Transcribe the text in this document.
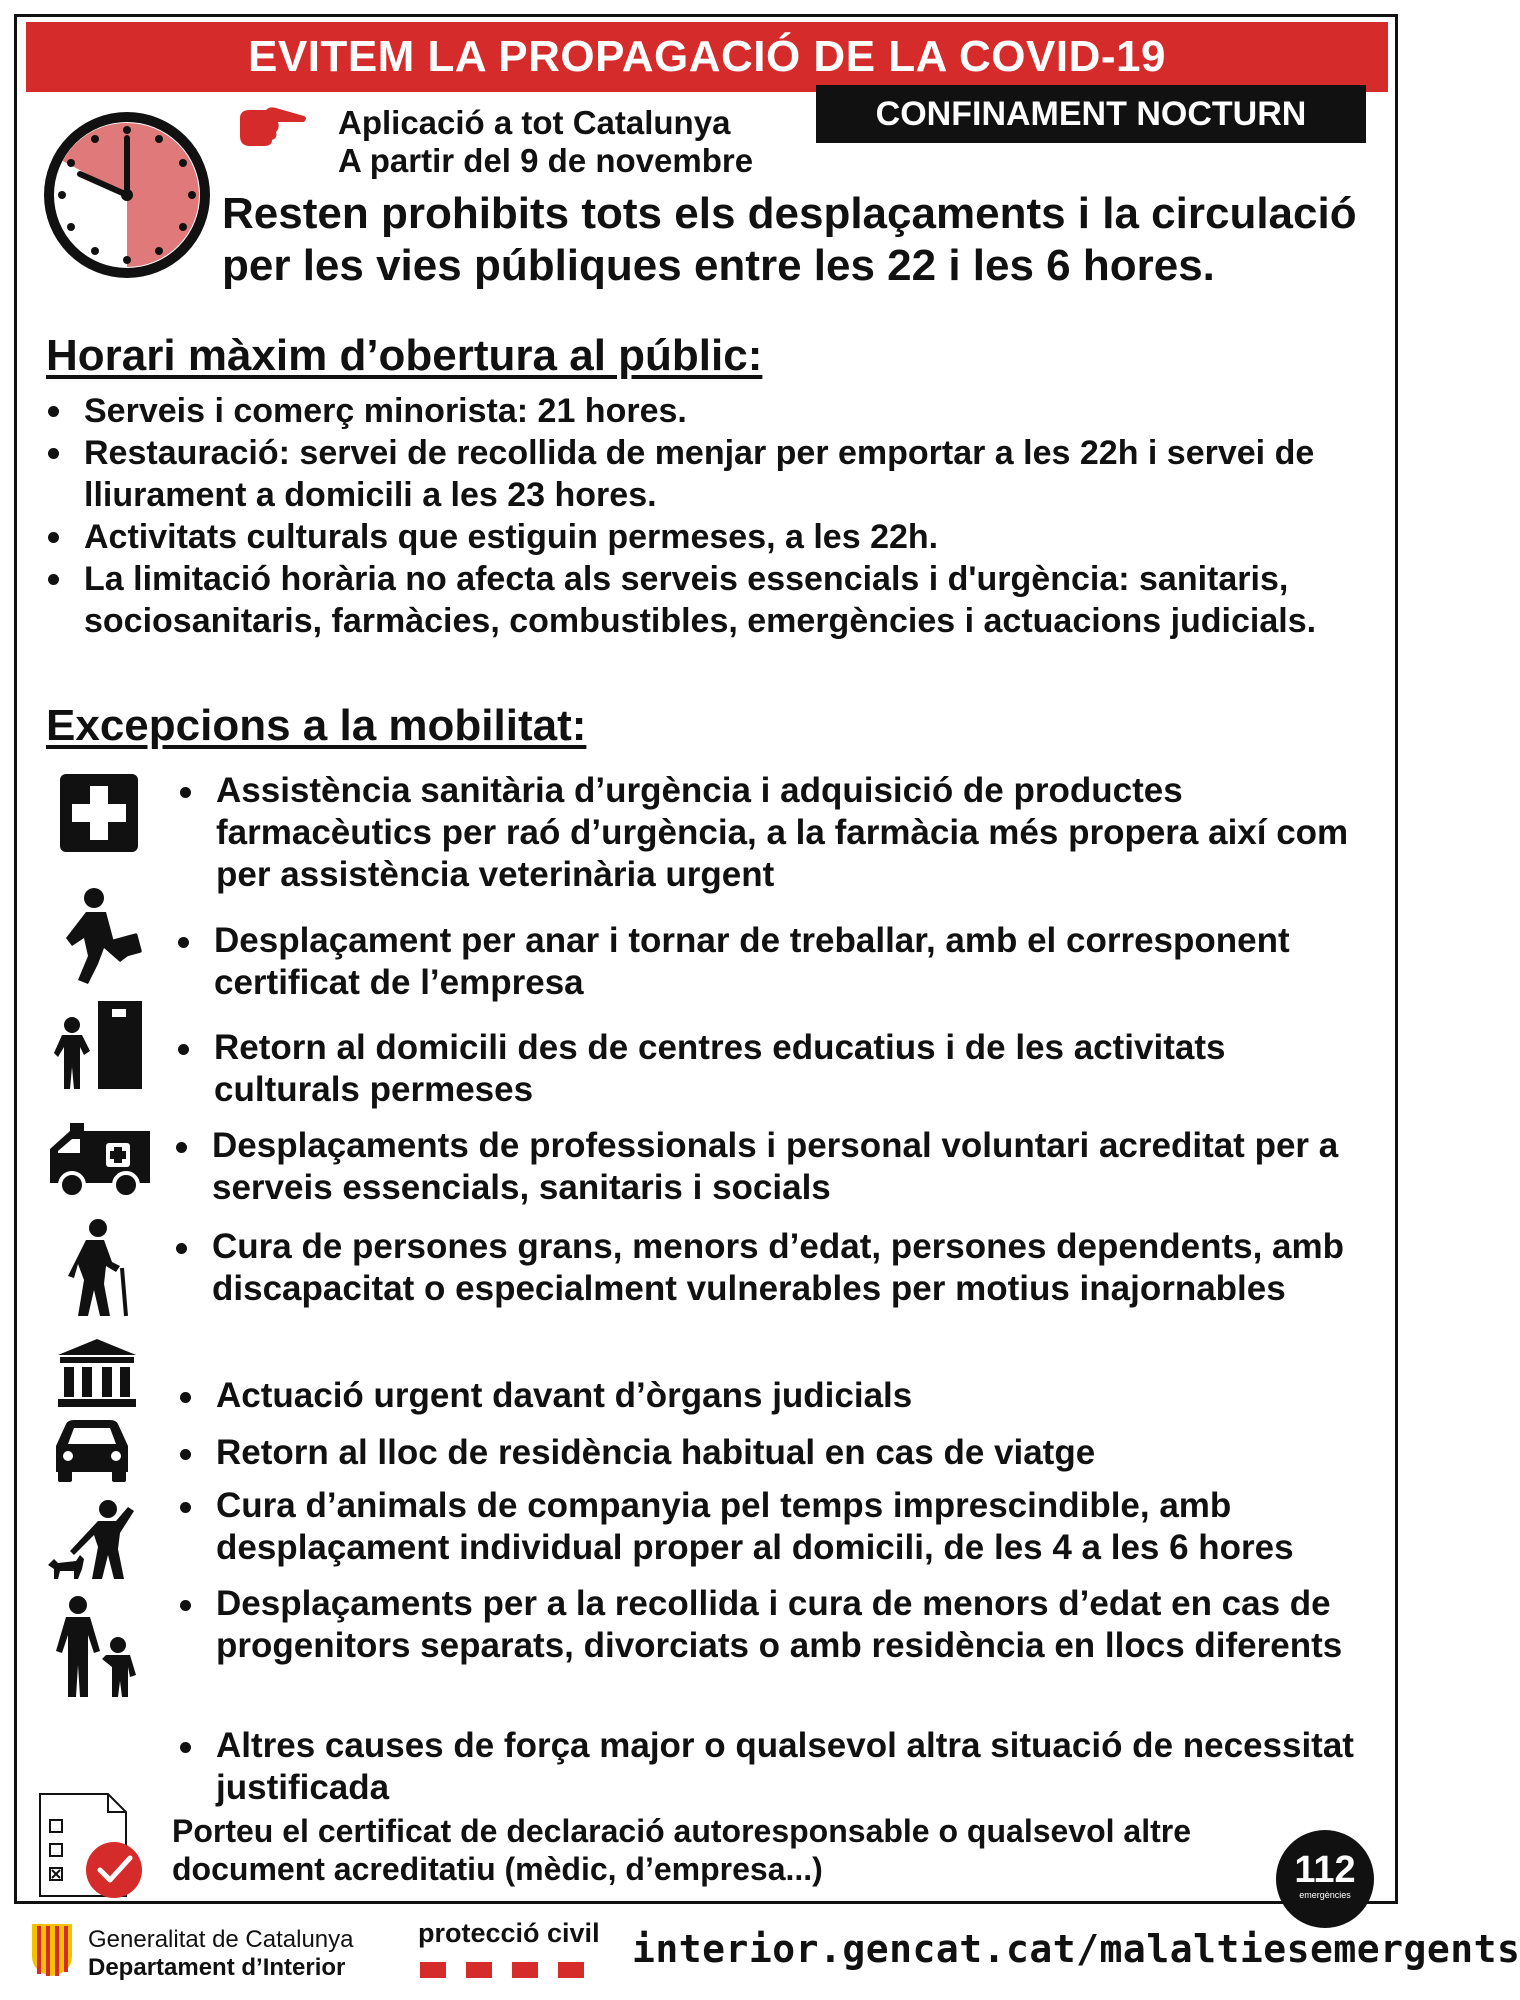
EVITEM LA PROPAGACIÓ DE LA COVID-19
CONFINAMENT NOCTURN
Aplicació a tot Catalunya
A partir del 9 de novembre
Resten prohibits tots els desplaçaments i la circulació
per les vies públiques entre les 22 i les 6 hores.
Horari màxim d’obertura al públic:
Serveis i comerç minorista: 21 hores.
Restauració: servei de recollida de menjar per emportar a les 22h i servei de lliurament a domicili a les 23 hores.
Activitats culturals que estiguin permeses, a les 22h.
La limitació horària no afecta als serveis essencials i d'urgència: sanitaris, sociosanitaris, farmàcies, combustibles, emergències i actuacions judicials.
Excepcions a la mobilitat:
Assistència sanitària d’urgència i adquisició de productes farmacèutics per raó d’urgència, a la farmàcia més propera així com per assistència veterinària urgent
Desplaçament per anar i tornar de treballar, amb el corresponent certificat de l’empresa
Retorn al domicili des de centres educatius i de les activitats culturals permeses
Desplaçaments de professionals i personal voluntari acreditat per a serveis essencials, sanitaris i socials
Cura de persones grans, menors d’edat, persones dependents, amb discapacitat o especialment vulnerables per motius inajornables
Actuació urgent davant d’òrgans judicials
Retorn al lloc de residència habitual en cas de viatge
Cura d’animals de companyia pel temps imprescindible, amb desplaçament individual proper al domicili, de les 4 a les 6 hores
Desplaçaments per a la recollida i cura de menors d’edat en cas de progenitors separats, divorciats o amb residència en llocs diferents
Altres causes de força major o qualsevol altra situació de necessitat justificada
Porteu el certificat de declaració autoresponsable o qualsevol altre document acreditatiu (mèdic, d’empresa...)	112
emergències
Generalitat de Catalunya
Departament d’Interior
protecció civil interior.gencat.cat/malaltiesemergents
